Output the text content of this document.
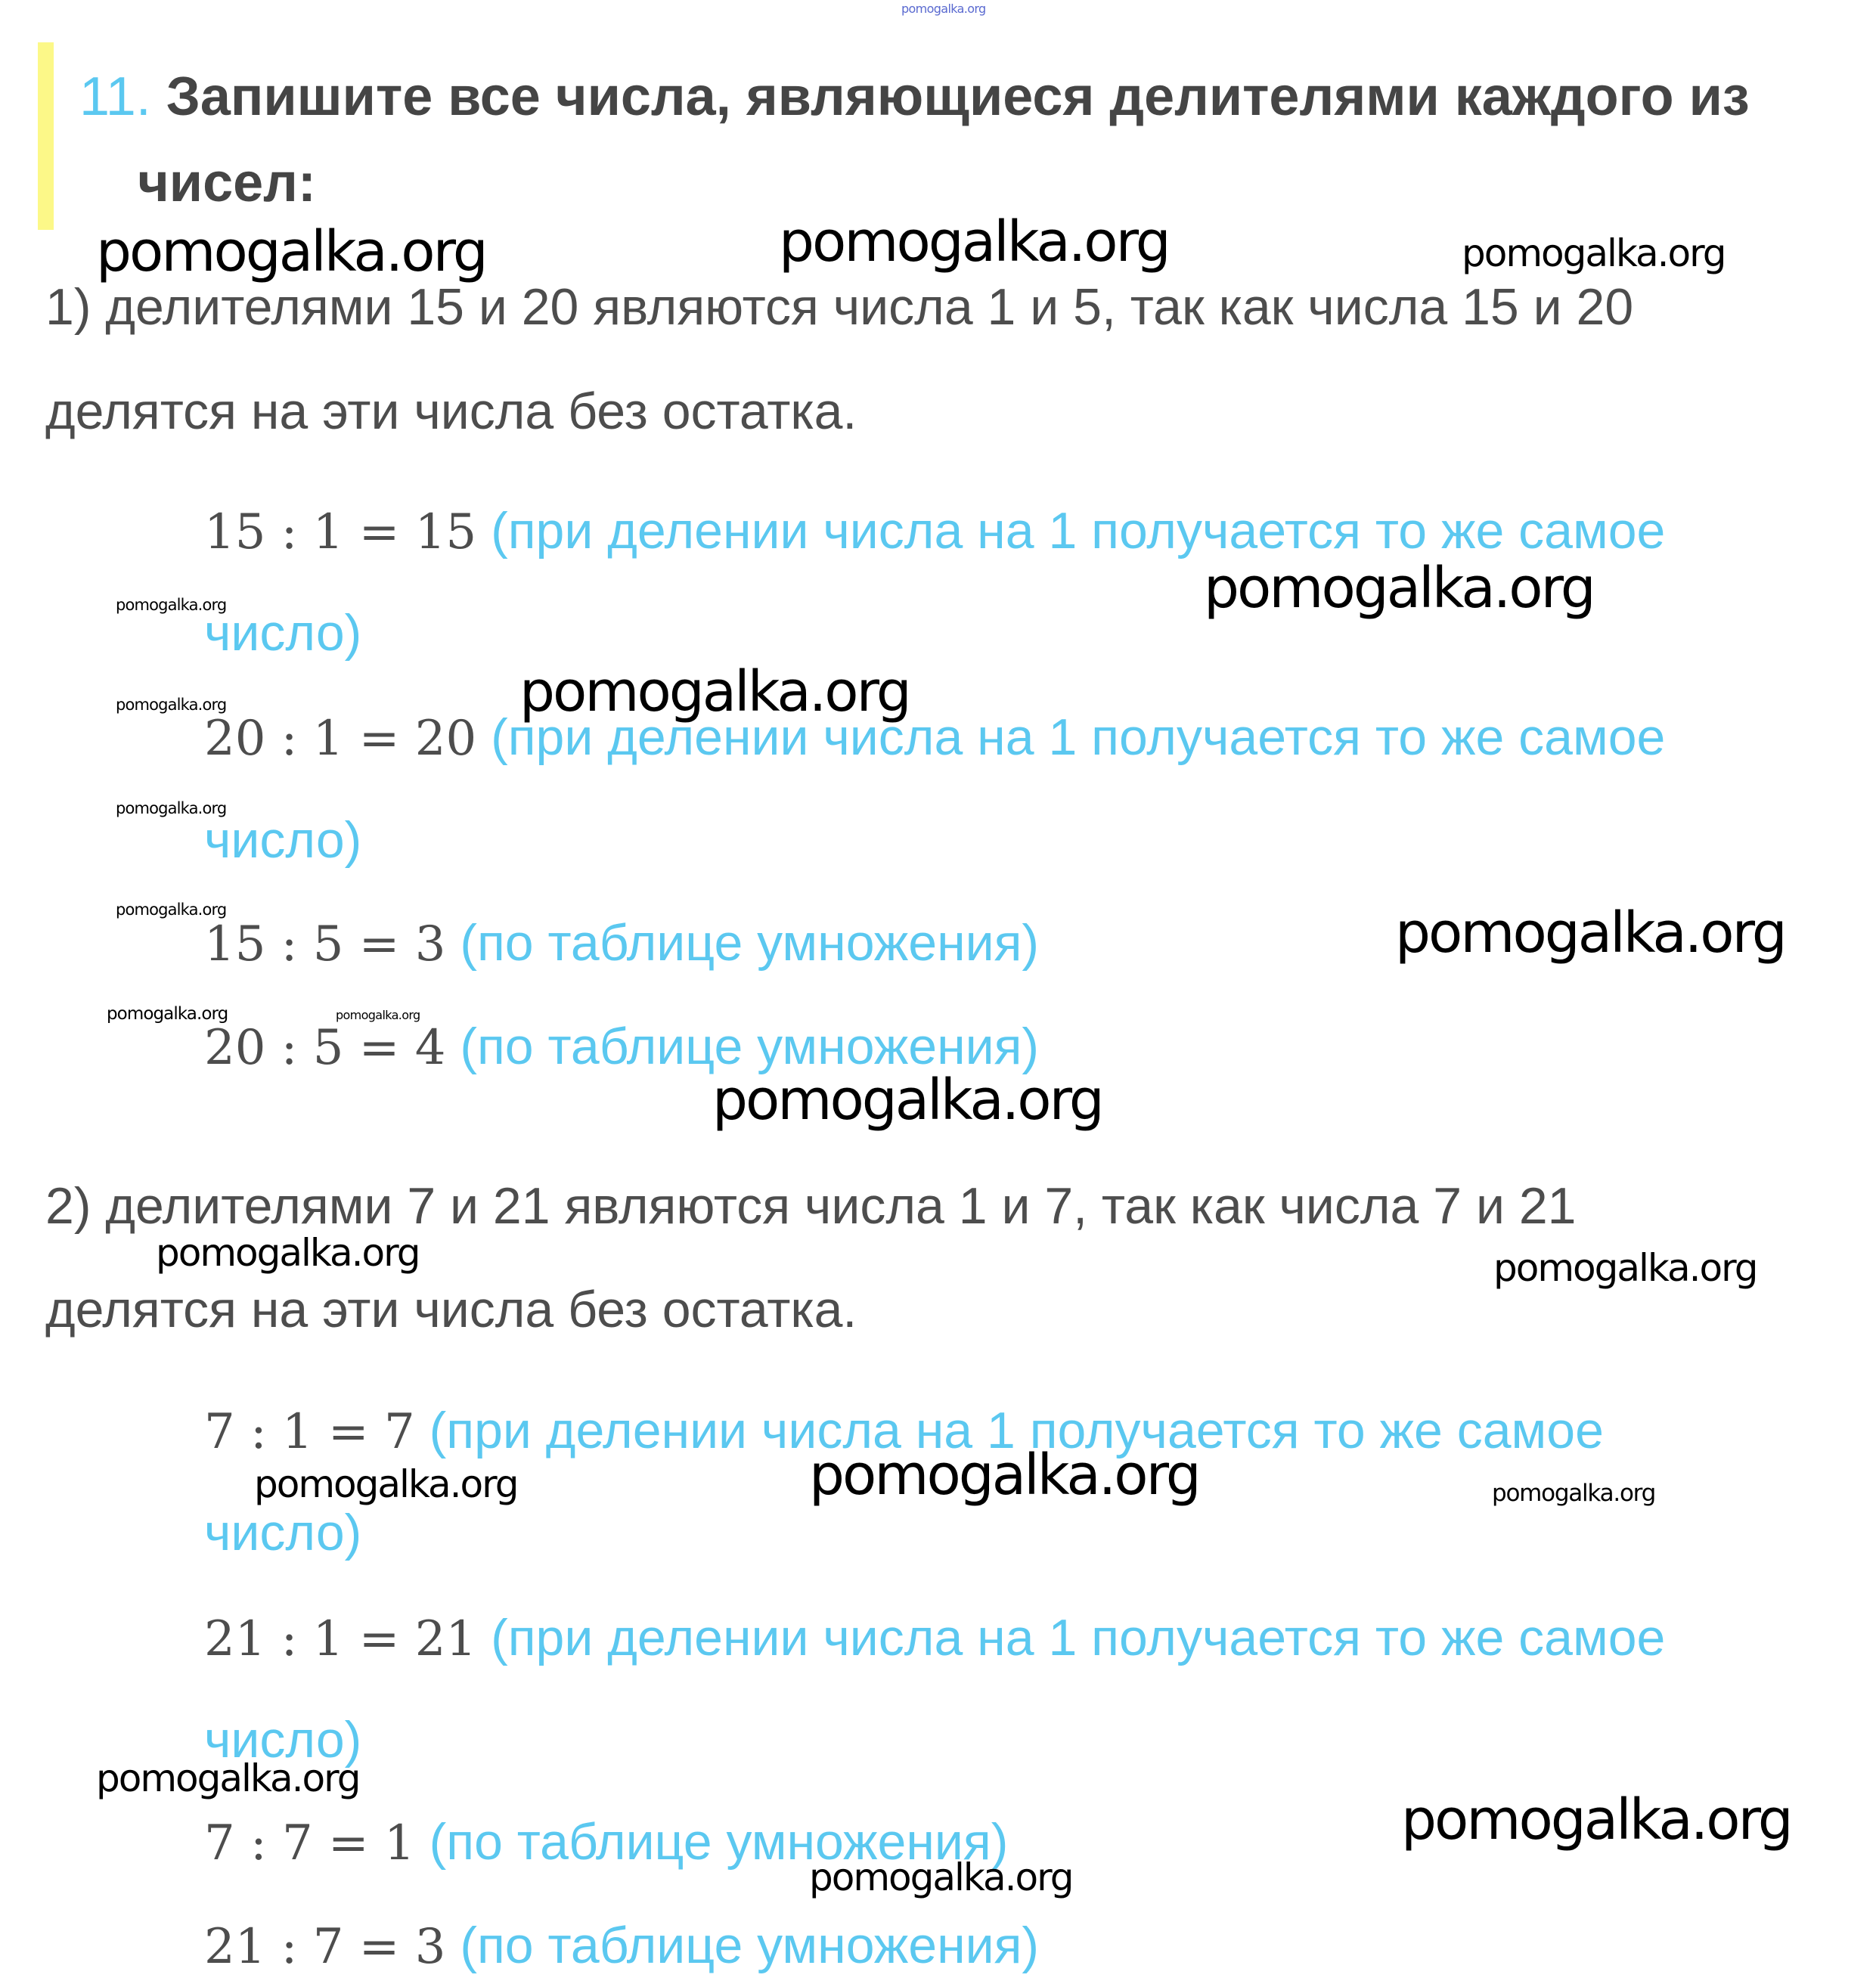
11. Запишите все числа, являющиеся делителями каждого из
чисел:
1) делителями 15 и 20 являются числа 1 и 5, так как числа 15 и 20
делятся на эти числа без остатка.
15 : 1 = 15 (при делении числа на 1 получается то же самое
число)
20 : 1 = 20 (при делении числа на 1 получается то же самое
число)
15 : 5 = 3 (по таблице умножения)
20 : 5 = 4 (по таблице умножения)
2) делителями 7 и 21 являются числа 1 и 7, так как числа 7 и 21
делятся на эти числа без остатка.
7 : 1 = 7 (при делении числа на 1 получается то же самое
число)
21 : 1 = 21 (при делении числа на 1 получается то же самое
число)
7 : 7 = 1 (по таблице умножения)
21 : 7 = 3 (по таблице умножения)
pomogalka.org
pomogalka.org	pomogalka.org	pomogalka.org
pomogalka.org
pomogalka.org
pomogalka.org
pomogalka.org
pomogalka.org
pomogalka.org	pomogalka.org
pomogalka.org	pomogalka.org
pomogalka.org
pomogalka.org	pomogalka.org
pomogalka.org	pomogalka.org	pomogalka.org
pomogalka.org
pomogalka.org
pomogalka.org
